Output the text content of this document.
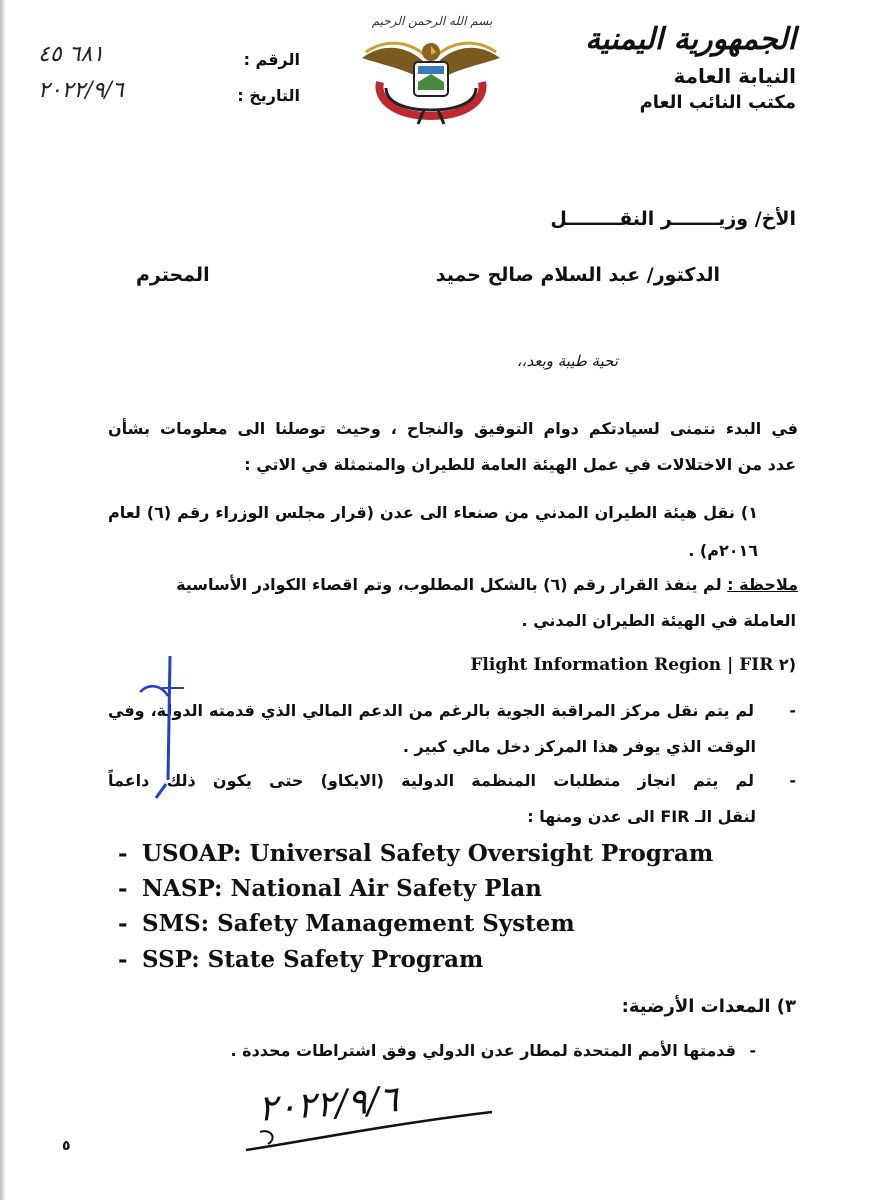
الجمهورية اليمنية
النيابة العامة
مكتب النائب العام
بسم الله الرحمن الرحيم
الرقم :
٦٨١ ٤٥
التاريخ :
٢٠٢٢/٩/٦
الأخ/ وزيـــــــر النقــــــــل
الدكتور/ عبد السلام صالح حميد
المحترم
تحية طيبة وبعد،،
في البدء نتمنى لسيادتكم دوام التوفيق والنجاح ، وحيث توصلنا الى معلومات بشأن
عدد من الاختلالات في عمل الهيئة العامة للطيران والمتمثلة في الاتي :
١) نقل هيئة الطيران المدني من صنعاء الى عدن (قرار مجلس الوزراء رقم (٦) لعام
٢٠١٦م) .
ملاحظة : لم ينفذ القرار رقم (٦) بالشكل المطلوب، وتم اقصاء الكوادر الأساسية
العاملة في الهيئة الطيران المدني .
Flight Information Region | FIR ٢)
-
لم يتم نقل مركز المراقبة الجوية بالرغم من الدعم المالي الذي قدمته الدولة، وفي
الوقت الذي يوفر هذا المركز دخل مالي كبير .
-
لم يتم انجاز متطلبات المنظمة الدولية (الايكاو) حتى يكون ذلك داعماً
لنقل الـ FIR الى عدن ومنها :
- USOAP: Universal Safety Oversight Program
- NASP: National Air Safety Plan
- SMS: Safety Management System
- SSP: State Safety Program
٣) المعدات الأرضية:
-
قدمتها الأمم المتحدة لمطار عدن الدولي وفق اشتراطات محددة .
٢٠٢٢/٩/٦
٥
